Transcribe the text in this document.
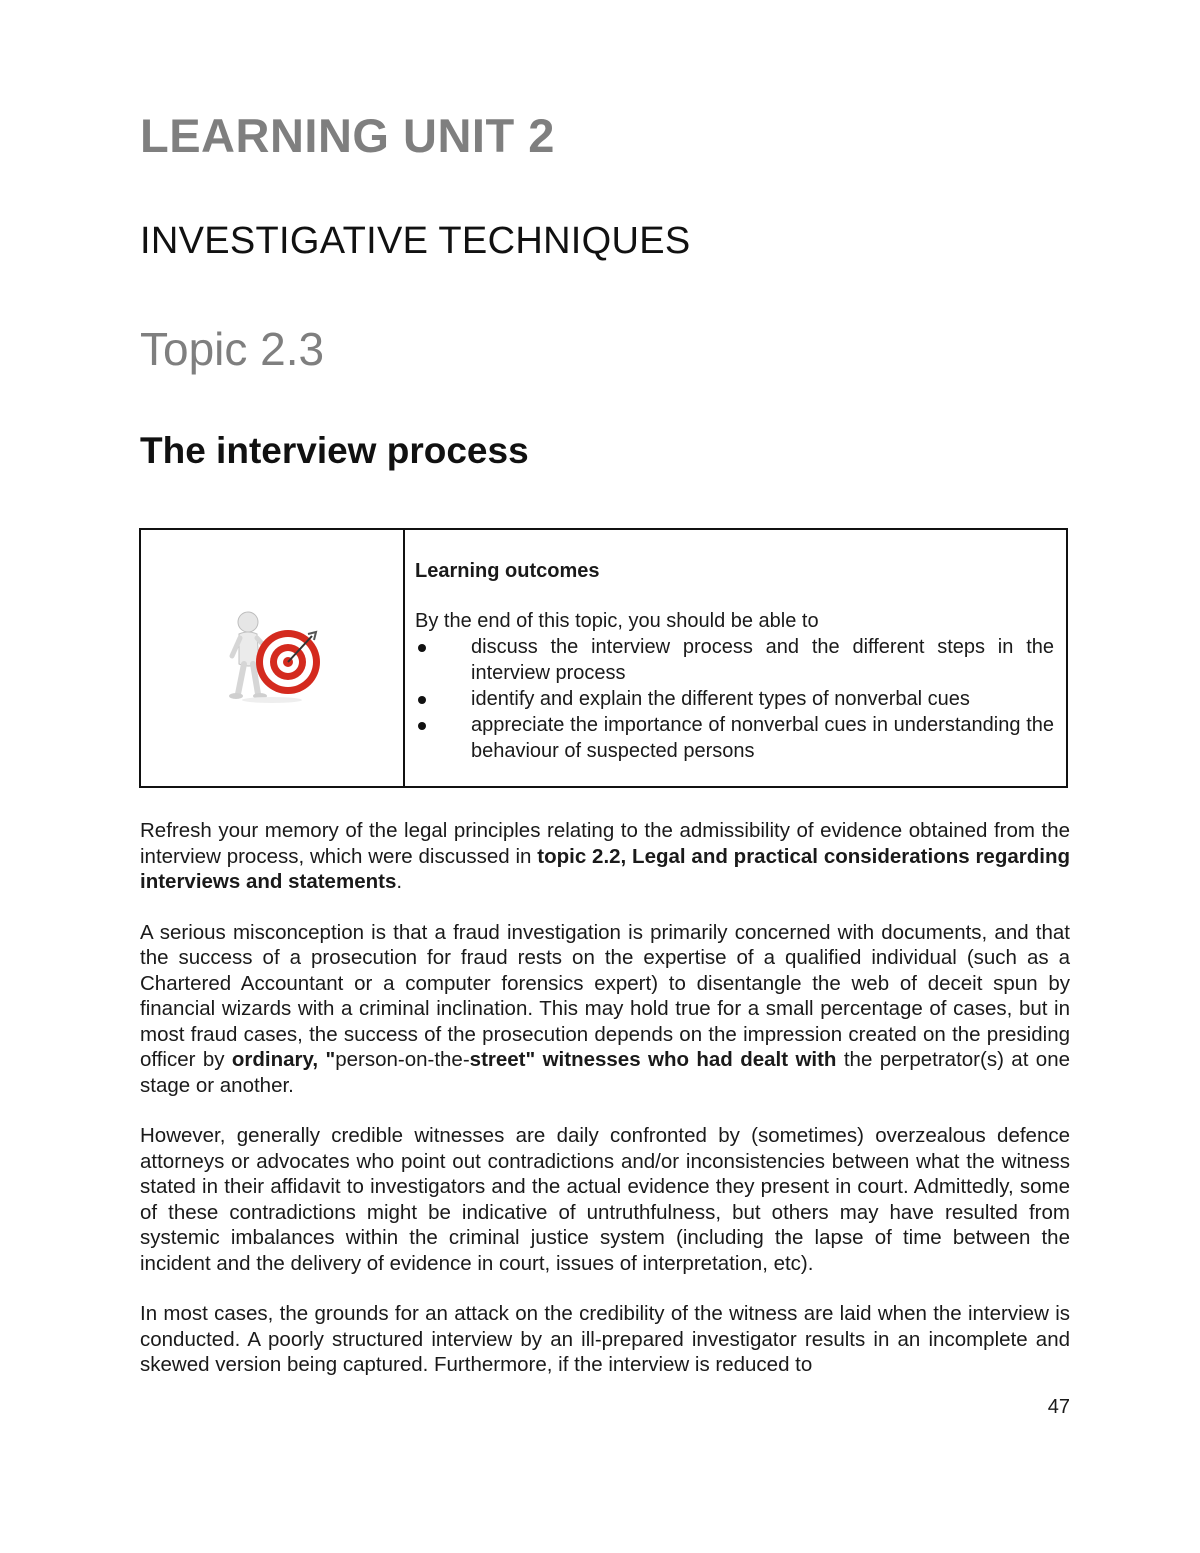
LEARNING UNIT 2
INVESTIGATIVE TECHNIQUES
Topic 2.3
The interview process

Learning outcomes

By the end of this topic, you should be able to

discuss the interview process and the different steps in the interview process
identify and explain the different types of nonverbal cues
appreciate the importance of nonverbal cues in understanding the behaviour of suspected persons

Refresh your memory of the legal principles relating to the admissibility of evidence obtained from the interview process, which were discussed in topic 2.2, Legal and practical considerations regarding interviews and statements.

A serious misconception is that a fraud investigation is primarily concerned with documents, and that the success of a prosecution for fraud rests on the expertise of a qualified individual (such as a Chartered Accountant or a computer forensics expert) to disentangle the web of deceit spun by financial wizards with a criminal inclination. This may hold true for a small percentage of cases, but in most fraud cases, the success of the prosecution depends on the impression created on the presiding officer by ordinary, "person-on-the-street" witnesses who had dealt with the perpetrator(s) at one stage or another.

However, generally credible witnesses are daily confronted by (sometimes) overzealous defence attorneys or advocates who point out contradictions and/or inconsistencies between what the witness stated in their affidavit to investigators and the actual evidence they present in court. Admittedly, some of these contradictions might be indicative of untruthfulness, but others may have resulted from systemic imbalances within the criminal justice system (including the lapse of time between the incident and the delivery of evidence in court, issues of interpretation, etc).

In most cases, the grounds for an attack on the credibility of the witness are laid when the interview is conducted. A poorly structured interview by an ill-prepared investigator results in an incomplete and skewed version being captured. Furthermore, if the interview is reduced to

47
